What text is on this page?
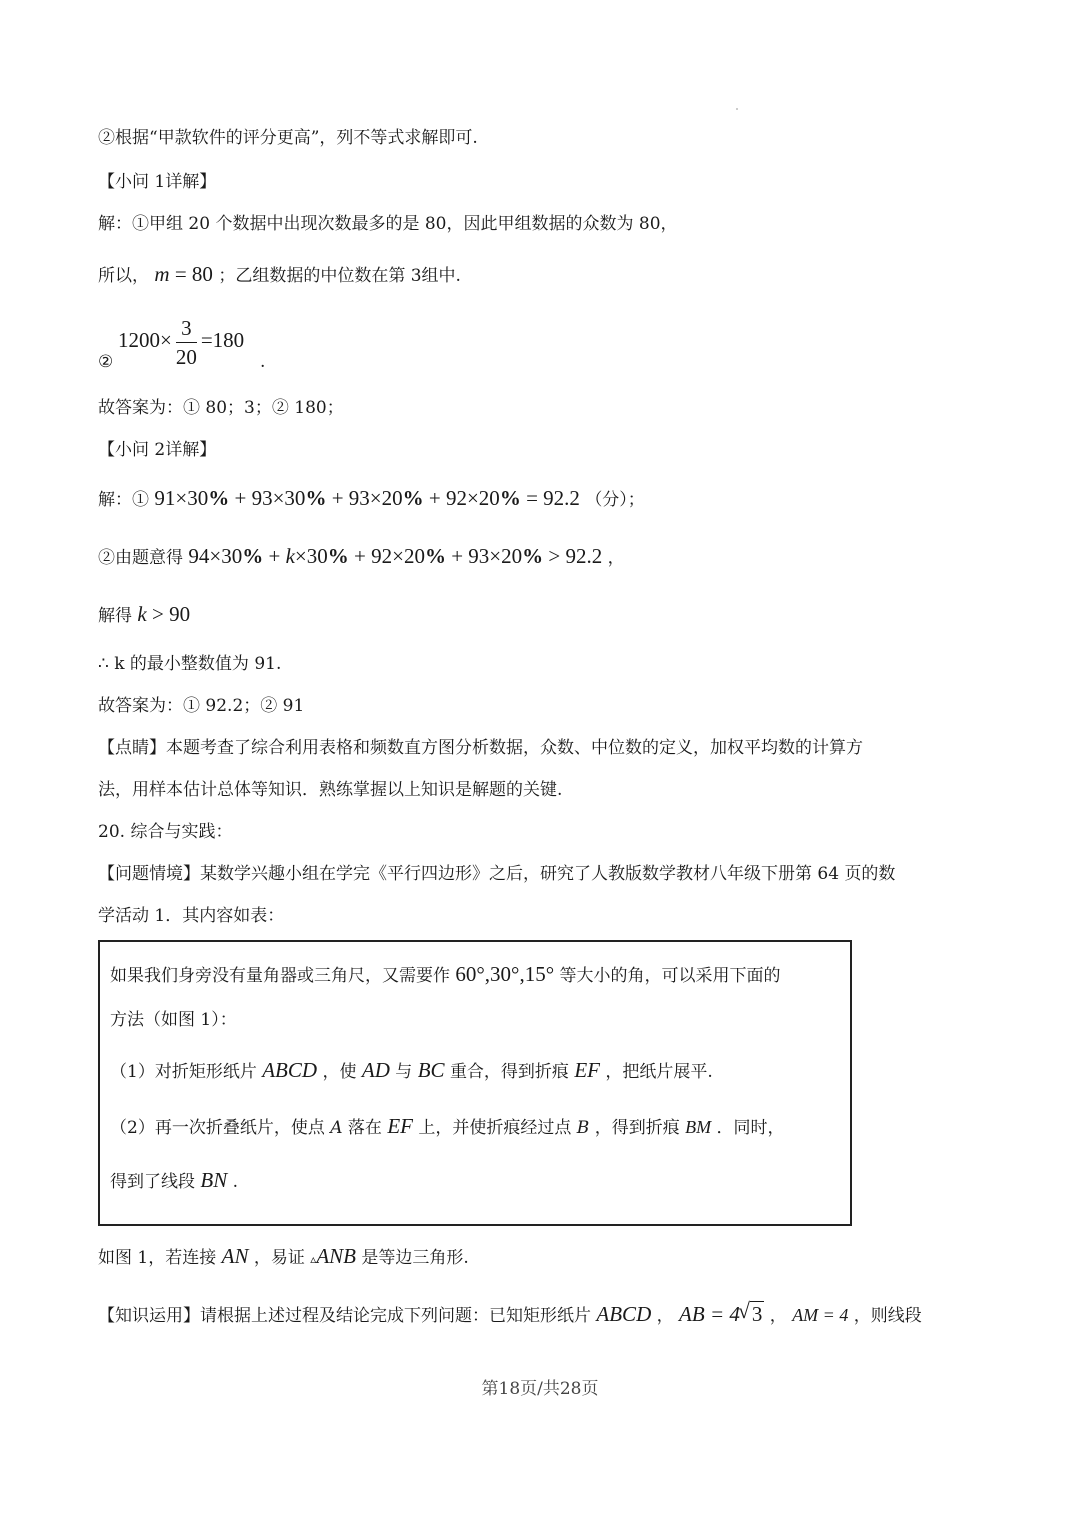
②根据“甲款软件的评分更高”，列不等式求解即可.
【小问 1详解】
解：①甲组 20 个数据中出现次数最多的是 80，因此甲组数据的众数为 80，
所以， m = 80 ；乙组数据的中位数在第 3组中.
②
$1200\times \frac{3}{20} =180$
.
故答案为：① 80；3；② 180；
【小问 2详解】
解：① 91×30% + 93×30% + 93×20% + 92×20% = 92.2 （分）；
②由题意得 94×30% + k×30% + 92×20% + 93×20% > 92.2 ，
解得 k > 90
∴ k 的最小整数值为 91.
故答案为：① 92.2；② 91
【点睛】本题考查了综合利用表格和频数直方图分析数据，众数、中位数的定义，加权平均数的计算方
法，用样本估计总体等知识．熟练掌握以上知识是解题的关键.
20. 综合与实践：
【问题情境】某数学兴趣小组在学完《平行四边形》之后，研究了人教版数学教材八年级下册第 64 页的数
学活动 1．其内容如表：
如果我们身旁没有量角器或三角尺，又需要作 60°,30°,15° 等大小的角，可以采用下面的
方法（如图 1）：
（1）对折矩形纸片 ABCD ，使 AD 与 BC 重合，得到折痕 EF ，把纸片展平.
（2）再一次折叠纸片，使点 A 落在 EF 上，并使折痕经过点 B ，得到折痕 BM ．同时，
得到了线段 BN .
如图 1，若连接 AN ，易证 ▵ANB 是等边三角形.
【知识运用】请根据上述过程及结论完成下列问题：已知矩形纸片 ABCD ， AB = 4 √ 3 ， AM = 4 ，则线段
第18页/共28页
